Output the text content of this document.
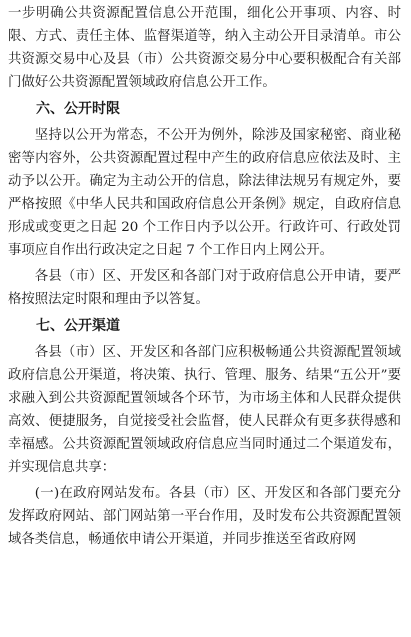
一步明确公共资源配置信息公开范围，细化公开事项、内容、时限、方式、责任主体、监督渠道等，纳入主动公开目录清单。市公共资源交易中心及县（市）公共资源交易分中心要积极配合有关部门做好公共资源配置领域政府信息公开工作。

六、公开时限

坚持以公开为常态，不公开为例外，除涉及国家秘密、商业秘密等内容外，公共资源配置过程中产生的政府信息应依法及时、主动予以公开。确定为主动公开的信息，除法律法规另有规定外，要严格按照《中华人民共和国政府信息公开条例》规定，自政府信息形成或变更之日起 20 个工作日内予以公开。行政许可、行政处罚事项应自作出行政决定之日起 7 个工作日内上网公开。

各县（市）区、开发区和各部门对于政府信息公开申请，要严格按照法定时限和理由予以答复。

七、公开渠道

各县（市）区、开发区和各部门应积极畅通公共资源配置领域政府信息公开渠道，将决策、执行、管理、服务、结果“五公开”要求融入到公共资源配置领域各个环节，为市场主体和人民群众提供高效、便捷服务，自觉接受社会监督，使人民群众有更多获得感和幸福感。公共资源配置领域政府信息应当同时通过二个渠道发布，并实现信息共享：

(一)在政府网站发布。各县（市）区、开发区和各部门要充分发挥政府网站、部门网站第一平台作用，及时发布公共资源配置领域各类信息，畅通依申请公开渠道，并同步推送至省政府网
